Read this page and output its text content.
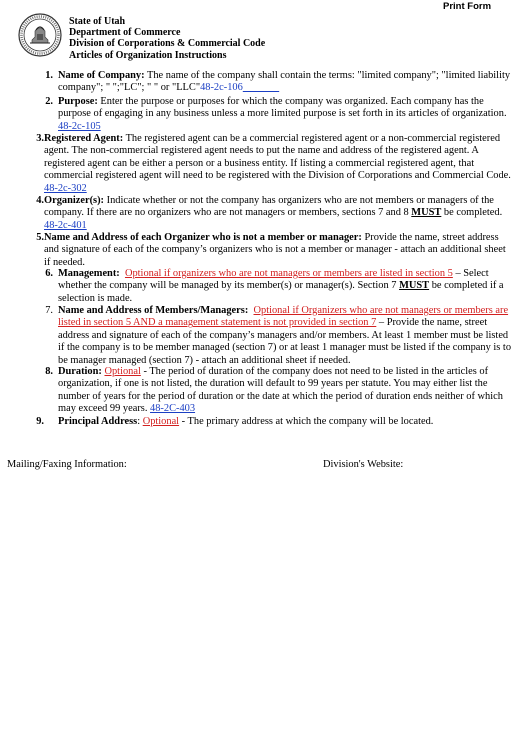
Print Form
State of Utah
Department of Commerce
Division of Corporations & Commercial Code
Articles of Organization Instructions
1. Name of Company: The name of the company shall contain the terms: "limited company"; "limited liability company"; " ";"LC"; " " or "LLC"48-2c-106
2. Purpose: Enter the purpose or purposes for which the company was organized. Each company has the purpose of engaging in any business unless a more limited purpose is set forth in its articles of organization. 48-2c-105
3. Registered Agent: The registered agent can be a commercial registered agent or a non-commercial registered agent. The non-commercial registered agent needs to put the name and address of the registered agent. A registered agent can be either a person or a business entity. If listing a commercial registered agent, that commercial registered agent will need to be registered with the Division of Corporations and Commercial Code. 48-2c-302
4. Organizer(s): Indicate whether or not the company has organizers who are not members or managers of the company. If there are no organizers who are not managers or members, sections 7 and 8 MUST be completed. 48-2c-401
5. Name and Address of each Organizer who is not a member or manager: Provide the name, street address and signature of each of the company’s organizers who is not a member or manager - attach an additional sheet if needed.
6. Management: Optional if organizers who are not managers or members are listed in section 5 – Select whether the company will be managed by its member(s) or manager(s). Section 7 MUST be completed if a selection is made.
7. Name and Address of Members/Managers: Optional if Organizers who are not managers or members are listed in section 5 AND a management statement is not provided in section 7 – Provide the name, street address and signature of each of the company’s managers and/or members. At least 1 member must be listed if the company is to be member managed (section 7) or at least 1 manager must be listed if the company is to be manager managed (section 7) - attach an additional sheet if needed.
8. Duration: Optional - The period of duration of the company does not need to be listed in the articles of organization, if one is not listed, the duration will default to 99 years per statute. You may either list the number of years for the period of duration or the date at which the period of duration ends neither of which may exceed 99 years. 48-2C-403
9. Principal Address: Optional - The primary address at which the company will be located.
Mailing/Faxing Information:	Division's Website:
